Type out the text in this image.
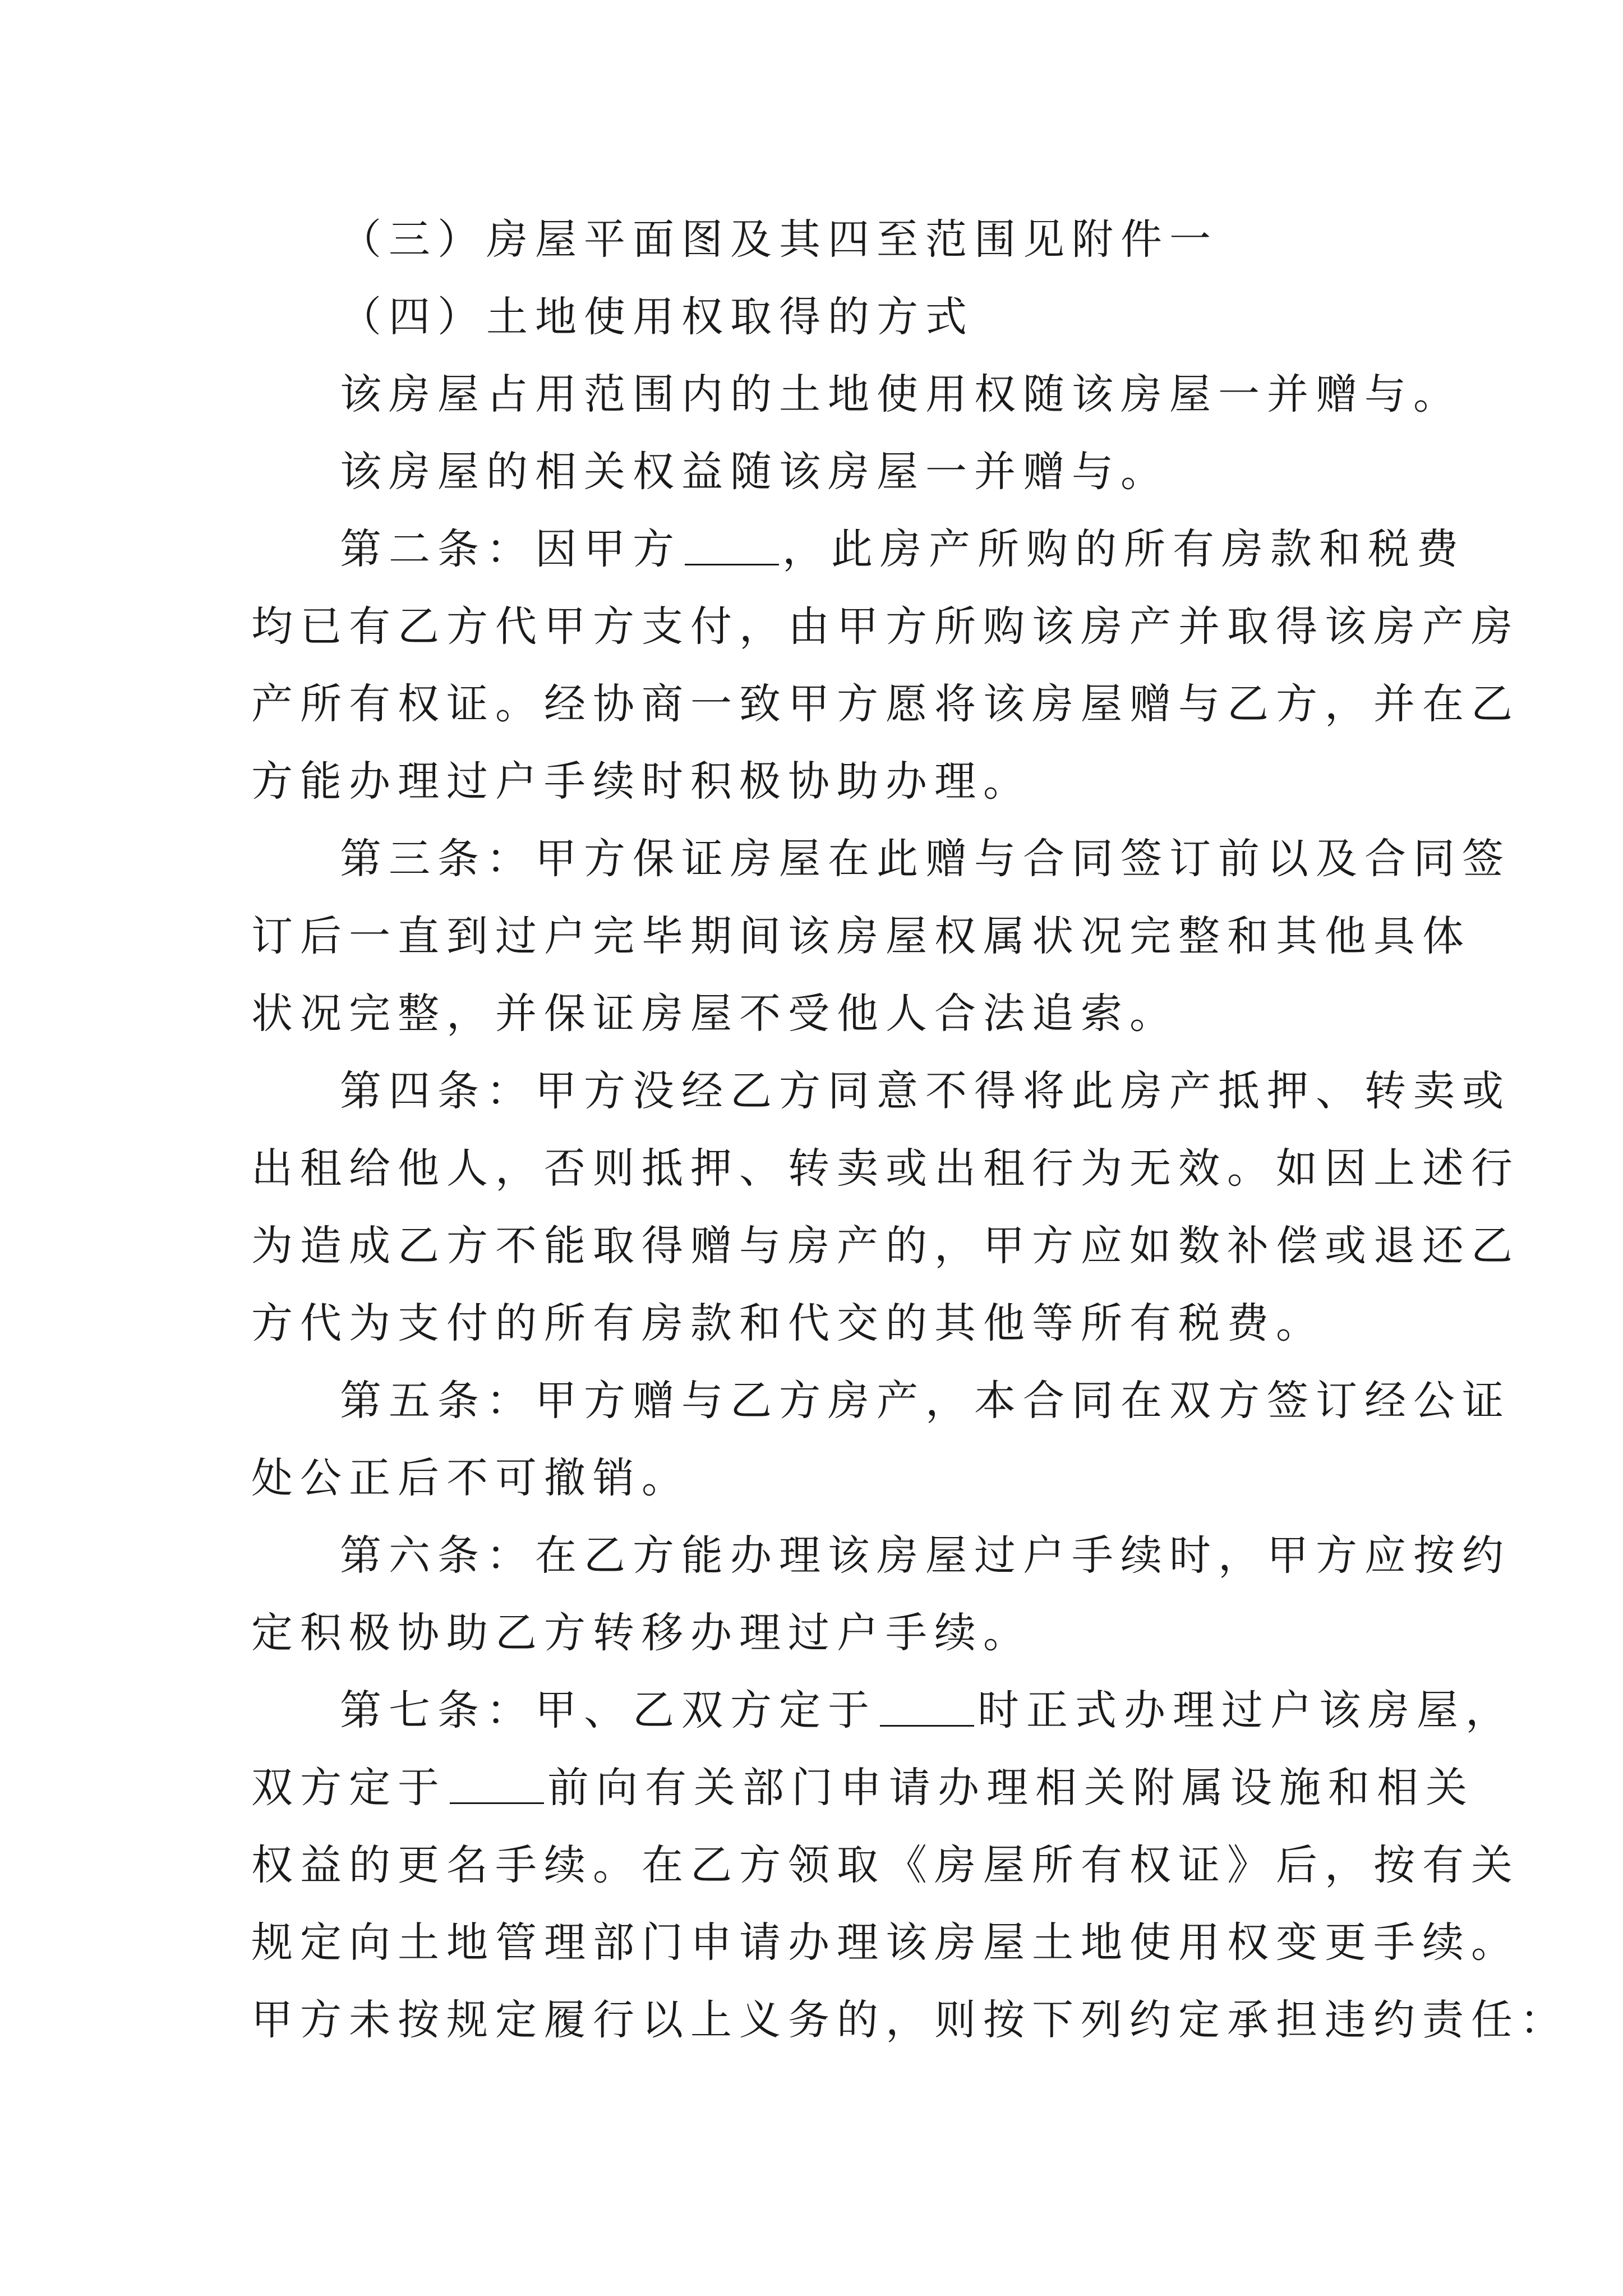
（三）房屋平面图及其四至范围见附件一
（四）土地使用权取得的方式
该房屋占用范围内的土地使用权随该房屋一并赠与。
该房屋的相关权益随该房屋一并赠与。
第二条：因甲方 ，此房产所购的所有房款和税费
均已有乙方代甲方支付，由甲方所购该房产并取得该房产房
产所有权证。经协商一致甲方愿将该房屋赠与乙方，并在乙
方能办理过户手续时积极协助办理。
第三条：甲方保证房屋在此赠与合同签订前以及合同签
订后一直到过户完毕期间该房屋权属状况完整和其他具体
状况完整，并保证房屋不受他人合法追索。
第四条：甲方没经乙方同意不得将此房产抵押、转卖或
出租给他人，否则抵押、转卖或出租行为无效。如因上述行
为造成乙方不能取得赠与房产的，甲方应如数补偿或退还乙
方代为支付的所有房款和代交的其他等所有税费。
第五条：甲方赠与乙方房产，本合同在双方签订经公证
处公正后不可撤销。
第六条：在乙方能办理该房屋过户手续时，甲方应按约
定积极协助乙方转移办理过户手续。
第七条：甲、乙双方定于 时正式办理过户该房屋，
双方定于 前向有关部门申请办理相关附属设施和相关
权益的更名手续。在乙方领取《房屋所有权证》后，按有关
规定向土地管理部门申请办理该房屋土地使用权变更手续。
甲方未按规定履行以上义务的，则按下列约定承担违约责任：
